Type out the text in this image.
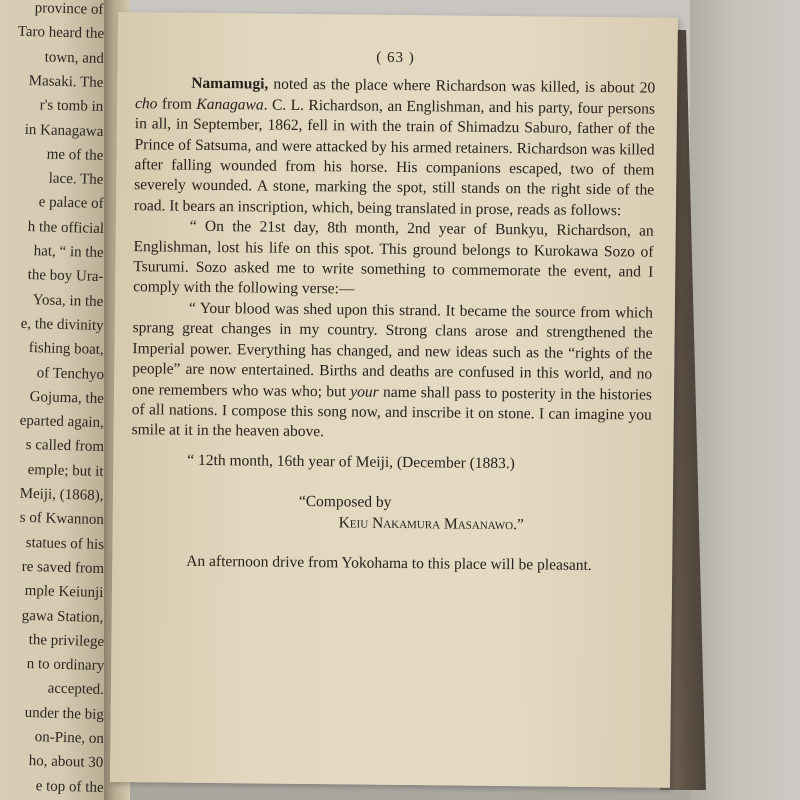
province of
Taro heard the
town, and
Masaki. The
r's tomb in
in Kanagawa
me of the
lace. The
e palace of
h the official
hat, “ in the
the boy Ura-
Yosa, in the
e, the divinity
fishing boat,
of Tenchyo
Gojuma, the
eparted again,
s called from
emple; but it
Meiji, (1868),
s of Kwannon
statues of his
re saved from
mple Keiunji
gawa Station,
the privilege
n to ordinary
accepted.
under the big
on-Pine, on
ho, about 30
e top of the
( 63 )

Namamugi, noted as the place where Richardson was killed, is about 20 cho from Kanagawa. C. L. Richardson, an Englishman, and his party, four persons in all, in September, 1862, fell in with the train of Shimadzu Saburo, father of the Prince of Satsuma, and were attacked by his armed retainers. Richardson was killed after falling wounded from his horse. His companions escaped, two of them severely wounded. A stone, marking the spot, still stands on the right side of the road. It bears an inscription, which, being translated in prose, reads as follows:

“ On the 21st day, 8th month, 2nd year of Bunkyu, Richardson, an Englishman, lost his life on this spot. This ground belongs to Kurokawa Sozo of Tsurumi. Sozo asked me to write something to commemorate the event, and I comply with the following verse:—

“ Your blood was shed upon this strand. It became the source from which sprang great changes in my country. Strong clans arose and strengthened the Imperial power. Everything has changed, and new ideas such as the “rights of the people” are now entertained. Births and deaths are confused in this world, and no one remembers who was who; but your name shall pass to posterity in the histories of all nations. I compose this song now, and inscribe it on stone. I can imagine you smile at it in the heaven above.

“ 12th month, 16th year of Meiji, (December (1883.)

“Composed by

Keiu Nakamura Masanawo.”

An afternoon drive from Yokohama to this place will be pleasant.
